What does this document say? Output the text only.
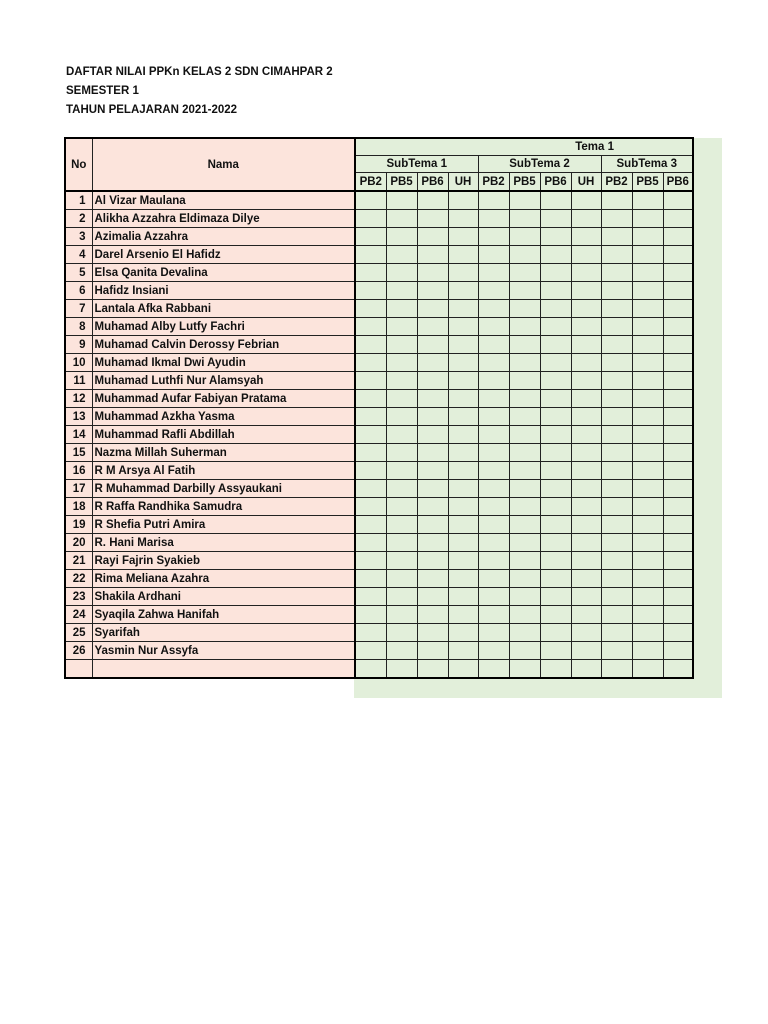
DAFTAR NILAI PPKn KELAS 2 SDN CIMAHPAR 2
SEMESTER 1
TAHUN PELAJARAN 2021-2022
No	Nama	Tema 1										
		SubTema 1				SubTema 2				SubTema 3		
		PB2	PB5	PB6	UH	PB2	PB5	PB6	UH	PB2	PB5	PB6
1	Al Vizar Maulana											
2	Alikha Azzahra Eldimaza Dilye											
3	Azimalia Azzahra											
4	Darel Arsenio El Hafidz											
5	Elsa Qanita Devalina											
6	Hafidz Insiani											
7	Lantala Afka Rabbani											
8	Muhamad Alby Lutfy Fachri											
9	Muhamad Calvin Derossy Febrian											
10	Muhamad Ikmal Dwi Ayudin											
11	Muhamad Luthfi Nur Alamsyah											
12	Muhammad Aufar Fabiyan Pratama											
13	Muhammad Azkha Yasma											
14	Muhammad Rafli Abdillah											
15	Nazma Millah Suherman											
16	R M Arsya Al Fatih											
17	R Muhammad Darbilly Assyaukani											
18	R Raffa Randhika Samudra											
19	R Shefia Putri Amira											
20	R. Hani Marisa											
21	Rayi Fajrin Syakieb											
22	Rima Meliana Azahra											
23	Shakila Ardhani											
24	Syaqila Zahwa Hanifah											
25	Syarifah											
26	Yasmin Nur Assyfa											
